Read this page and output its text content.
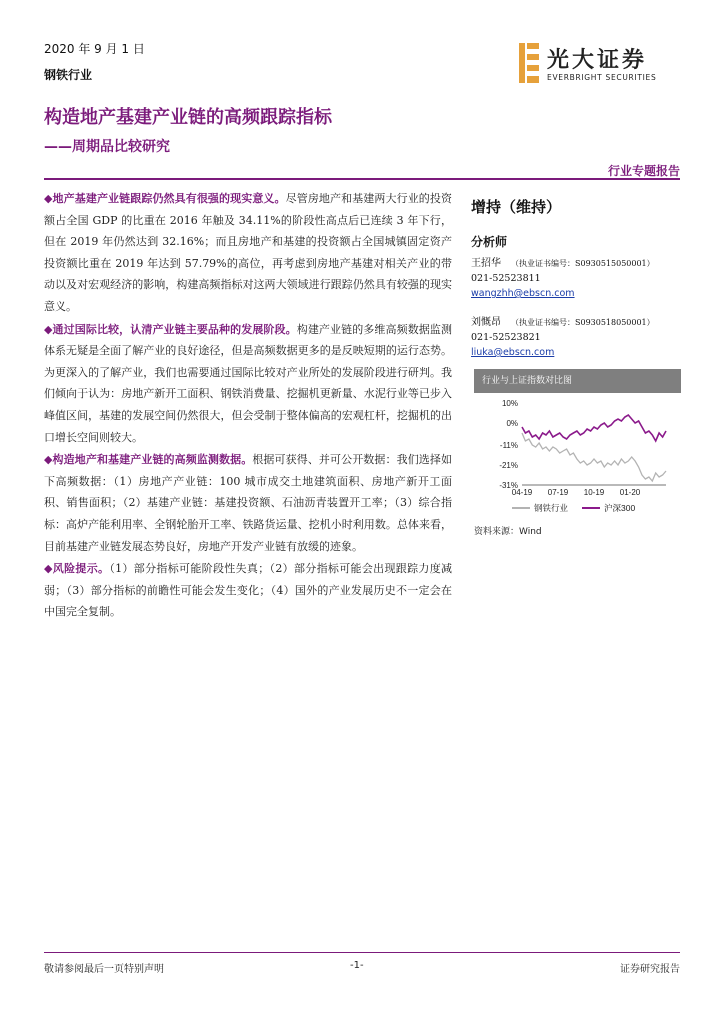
2020 年 9 月 1 日
钢铁行业
构造地产基建产业链的高频跟踪指标
——周期品比较研究
光大证券
EVERBRIGHT SECURITIES
行业专题报告

◆地产基建产业链跟踪仍然具有很强的现实意义。尽管房地产和基建两大行业的投资额占全国 GDP 的比重在 2016 年触及 34.11%的阶段性高点后已连续 3 年下行，但在 2019 年仍然达到 32.16%；而且房地产和基建的投资额占全国城镇固定资产投资额比重在 2019 年达到 57.79%的高位，再考虑到房地产基建对相关产业的带动以及对宏观经济的影响，构建高频指标对这两大领域进行跟踪仍然具有较强的现实意义。

◆通过国际比较，认清产业链主要品种的发展阶段。构建产业链的多维高频数据监测体系无疑是全面了解产业的良好途径，但是高频数据更多的是反映短期的运行态势。为更深入的了解产业，我们也需要通过国际比较对产业所处的发展阶段进行研判。我们倾向于认为：房地产新开工面积、钢铁消费量、挖掘机更新量、水泥行业等已步入峰值区间，基建的发展空间仍然很大，但会受制于整体偏高的宏观杠杆，挖掘机的出口增长空间则较大。

◆构造地产和基建产业链的高频监测数据。根据可获得、并可公开数据：我们选择如下高频数据：（1）房地产产业链：100 城市成交土地建筑面积、房地产新开工面积、销售面积；（2）基建产业链：基建投资额、石油沥青装置开工率；（3）综合指标：高炉产能利用率、全钢轮胎开工率、铁路货运量、挖机小时利用数。总体来看，目前基建产业链发展态势良好，房地产开发产业链有放缓的迹象。

◆风险提示。（1）部分指标可能阶段性失真；（2）部分指标可能会出现跟踪力度减弱；（3）部分指标的前瞻性可能会发生变化；（4）国外的产业发展历史不一定会在中国完全复制。

增持（维持）
分析师
王招华 （执业证书编号：S0930515050001）
021-52523811
wangzhh@ebscn.com
刘慨昂 （执业证书编号：S0930518050001）
021-52523821
liuka@ebscn.com
行业与上证指数对比图
10%
0%
-11%
-21%
-31%
04-19 07-19 10-19 01-20
钢铁行业	沪深300
资料来源：Wind
敬请参阅最后一页特别声明	-1-	证券研究报告
